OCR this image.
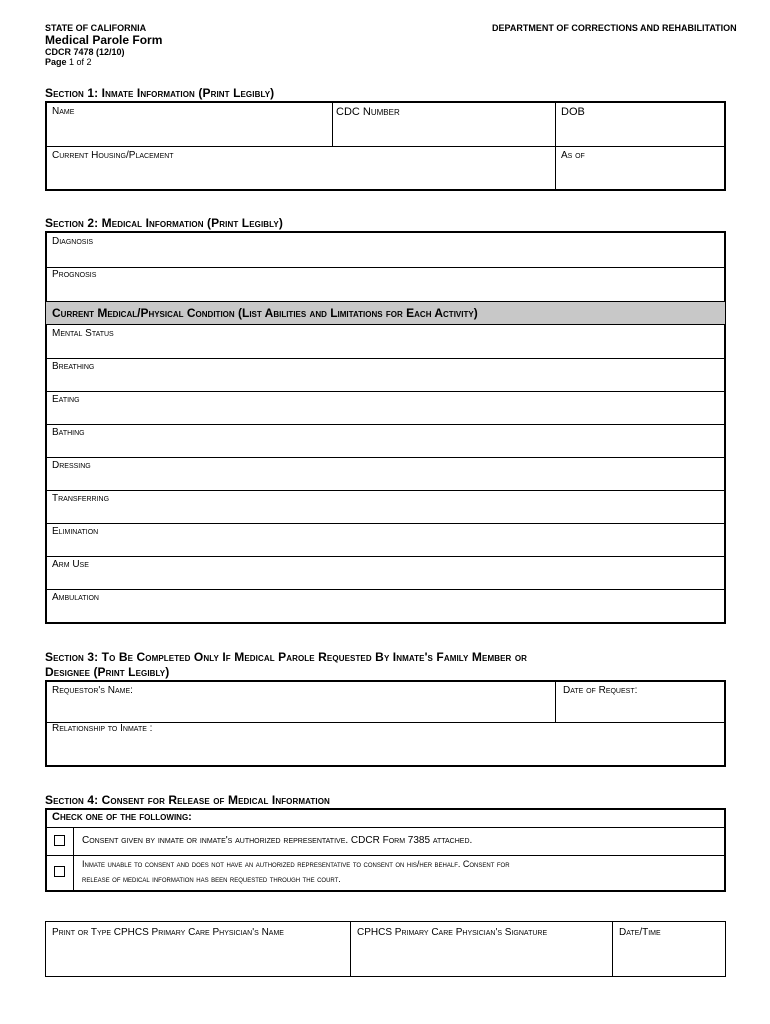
STATE OF CALIFORNIA	DEPARTMENT OF CORRECTIONS AND REHABILITATION
Medical Parole Form
CDCR 7478 (12/10)
Page 1 of 2
Section 1: Inmate Information (Print Legibly)
Name	CDC Number	DOB
Current Housing/Placement	As of
Section 2: Medical Information (Print Legibly)
Diagnosis
Prognosis
Current Medical/Physical Condition (List Abilities and Limitations for Each Activity)
Mental Status
Breathing
Eating
Bathing
Dressing
Transferring
Elimination
Arm Use
Ambulation
Section 3: To Be Completed Only If Medical Parole Requested By Inmate's Family Member or
Designee (Print Legibly)
Requestor's Name:	Date of Request:
Relationship to Inmate :
Section 4: Consent for Release of Medical Information
Check one of the following:
Consent given by inmate or inmate's authorized representative. CDCR Form 7385 attached.
Inmate unable to consent and does not have an authorized representative to consent on his/her behalf. Consent for
release of medical information has been requested through the court.
Print or Type CPHCS Primary Care Physician's Name	CPHCS Primary Care Physician's Signature	Date/Time
